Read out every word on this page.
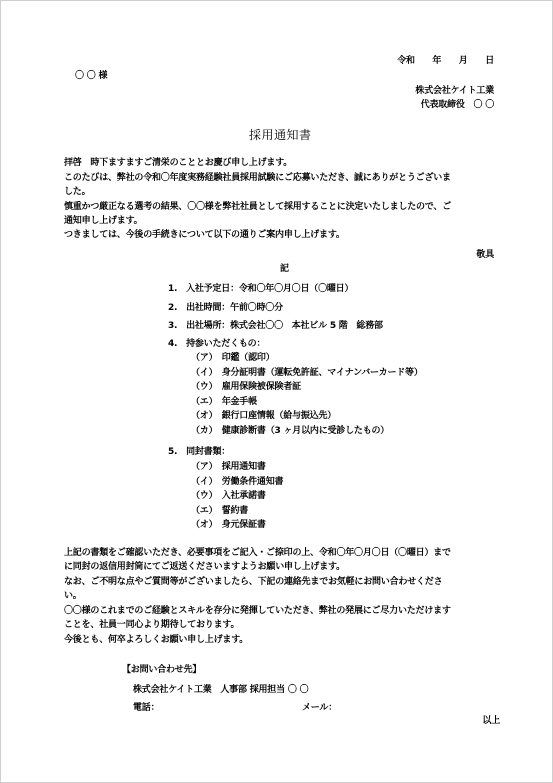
令和　　年　　月　　日
〇 〇 様
株式会社ケイト工業
代表取締役　〇 〇
採用通知書
拝啓　時下ますますご清栄のこととお慶び申し上げます。
このたびは、弊社の令和〇年度実務経験社員採用試験にご応募いただき、誠にありがとうございま
した。
慎重かつ厳正なる選考の結果、〇〇様を弊社社員として採用することに決定いたしましたので、ご
通知申し上げます。
つきましては、今後の手続きについて以下の通りご案内申し上げます。
敬具
記
1.　入社予定日：令和〇年〇月〇日（〇曜日）
2.　出社時間：午前〇時〇分
3.　出社場所：株式会社〇〇　本社ビル 5 階　総務部
4.　持参いただくもの：
（ア）　印鑑（認印）
（イ）　身分証明書（運転免許証、マイナンバーカード等）
（ウ）　雇用保険被保険者証
（エ）　年金手帳
（オ）　銀行口座情報（給与振込先）
（カ）　健康診断書（3 ヶ月以内に受診したもの）
5.　同封書類：
（ア）　採用通知書
（イ）　労働条件通知書
（ウ）　入社承諾書
（エ）　誓約書
（オ）　身元保証書
上記の書類をご確認いただき、必要事項をご記入・ご捺印の上、令和〇年〇月〇日（〇曜日）まで
に同封の返信用封筒にてご返送くださいますようお願い申し上げます。
なお、ご不明な点やご質問等がございましたら、下記の連絡先までお気軽にお問い合わせくださ
い。
〇〇様のこれまでのご経験とスキルを存分に発揮していただき、弊社の発展にご尽力いただけます
ことを、社員一同心より期待しております。
今後とも、何卒よろしくお願い申し上げます。
【お問い合わせ先】
株式会社ケイト工業　人事部 採用担当 〇 〇
電話：	メール：
以上
